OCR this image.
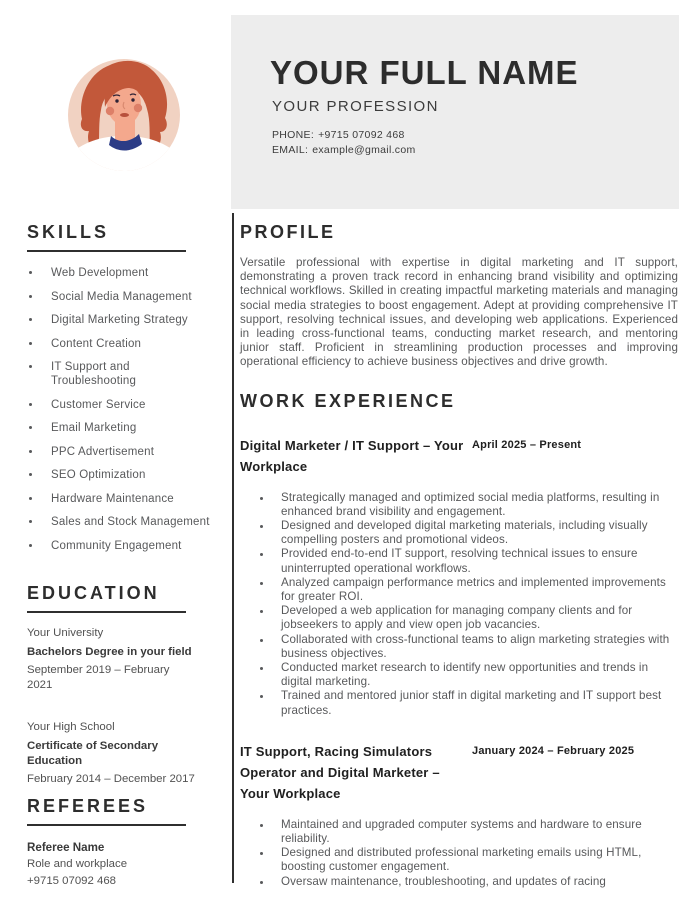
YOUR FULL NAME
YOUR PROFESSION
PHONE: +9715 07092 468
EMAIL: example@gmail.com
SKILLS
• Web Development
• Social Media Management
• Digital Marketing Strategy
• Content Creation
• IT Support and Troubleshooting
• Customer Service
• Email Marketing
• PPC Advertisement
• SEO Optimization
• Hardware Maintenance
• Sales and Stock Management
• Community Engagement
EDUCATION
Your University
Bachelors Degree in your field
September 2019 – February 2021
Your High School
Certificate of Secondary Education
February 2014 – December 2017
REFEREES
Referee Name
Role and workplace
+9715 07092 468
PROFILE

Versatile professional with expertise in digital marketing and IT support, demonstrating a proven track record in enhancing brand visibility and optimizing technical workflows. Skilled in creating impactful marketing materials and managing social media strategies to boost engagement. Adept at providing comprehensive IT support, resolving technical issues, and developing web applications. Experienced in leading cross-functional teams, conducting market research, and mentoring junior staff. Proficient in streamlining production processes and improving operational efficiency to achieve business objectives and drive growth.

WORK EXPERIENCE
Digital Marketer / IT Support – Your Workplace
April 2025 – Present
• Strategically managed and optimized social media platforms, resulting in enhanced brand visibility and engagement.
• Designed and developed digital marketing materials, including visually compelling posters and promotional videos.
• Provided end-to-end IT support, resolving technical issues to ensure uninterrupted operational workflows.
• Analyzed campaign performance metrics and implemented improvements for greater ROI.
• Developed a web application for managing company clients and for jobseekers to apply and view open job vacancies.
• Collaborated with cross-functional teams to align marketing strategies with business objectives.
• Conducted market research to identify new opportunities and trends in digital marketing.
• Trained and mentored junior staff in digital marketing and IT support best practices.
IT Support, Racing Simulators Operator and Digital Marketer – Your Workplace
January 2024 – February 2025
• Maintained and upgraded computer systems and hardware to ensure reliability.
• Designed and distributed professional marketing emails using HTML, boosting customer engagement.
• Oversaw maintenance, troubleshooting, and updates of racing
